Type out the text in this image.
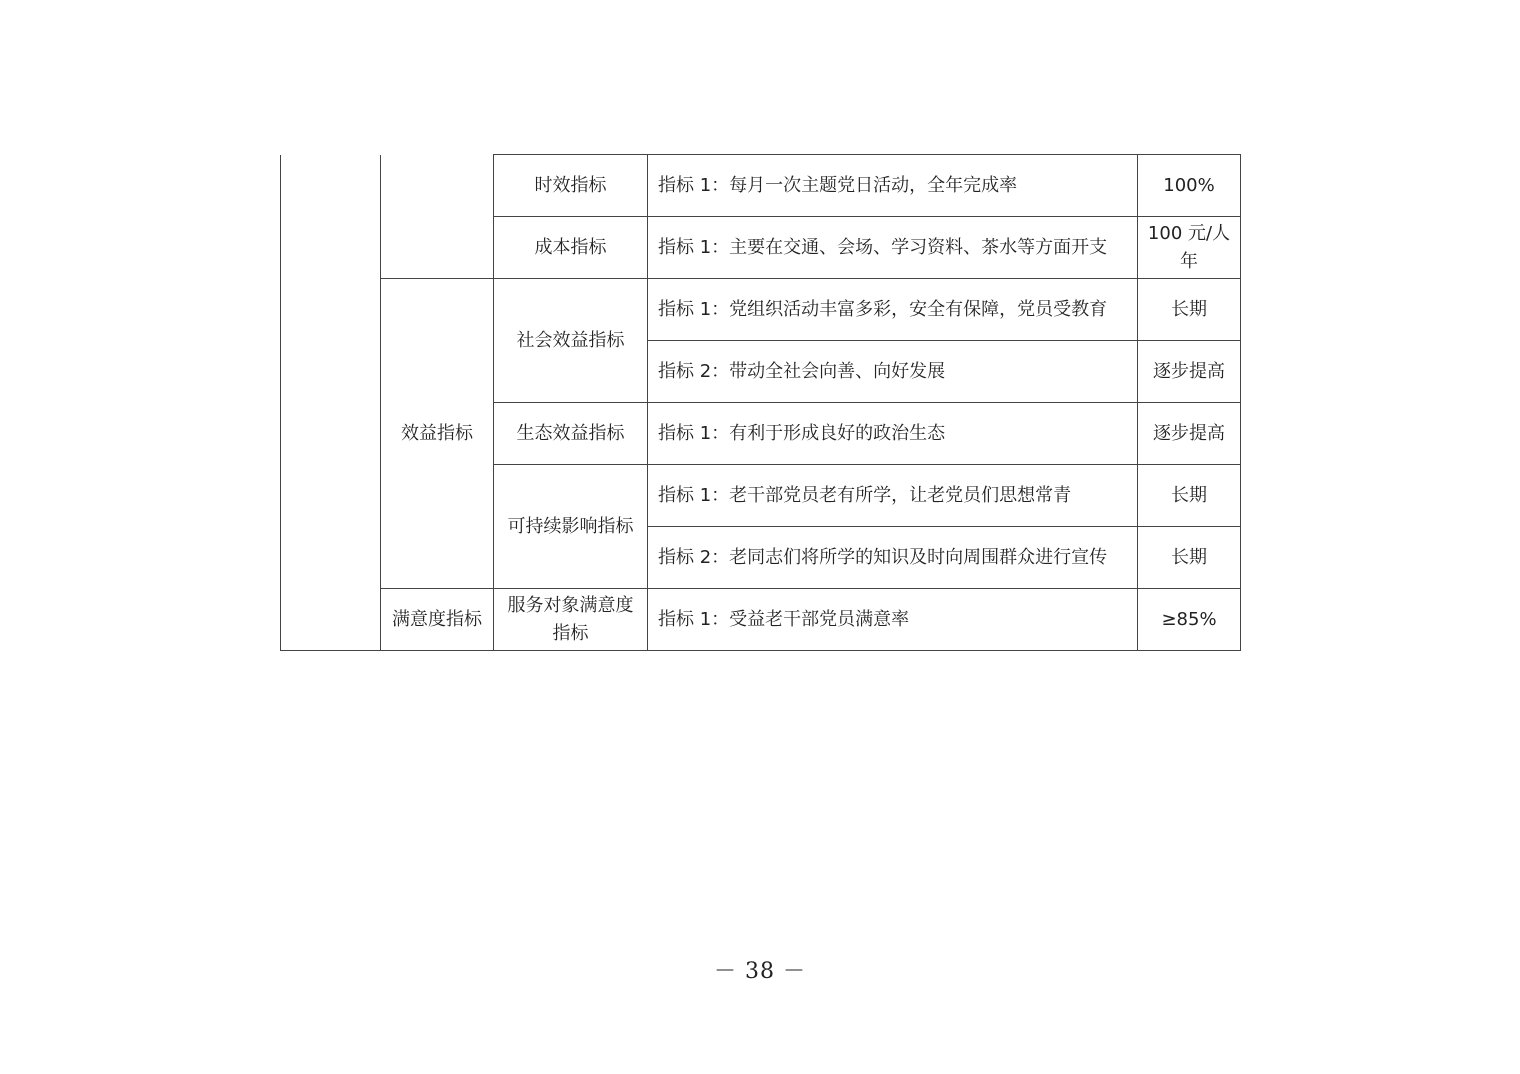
		时效指标	指标 1：每月一次主题党日活动，全年完成率	100%
		成本指标	指标 1：主要在交通、会场、学习资料、茶水等方面开支	100 元/人年
	效益指标	社会效益指标	指标 1：党组织活动丰富多彩，安全有保障，党员受教育	长期
			指标 2：带动全社会向善、向好发展	逐步提高
		生态效益指标	指标 1：有利于形成良好的政治生态	逐步提高
		可持续影响指标	指标 1：老干部党员老有所学，让老党员们思想常青	长期
			指标 2：老同志们将所学的知识及时向周围群众进行宣传	长期
	满意度指标	服务对象满意度指标	指标 1：受益老干部党员满意率	≥85%
－ 38 －
